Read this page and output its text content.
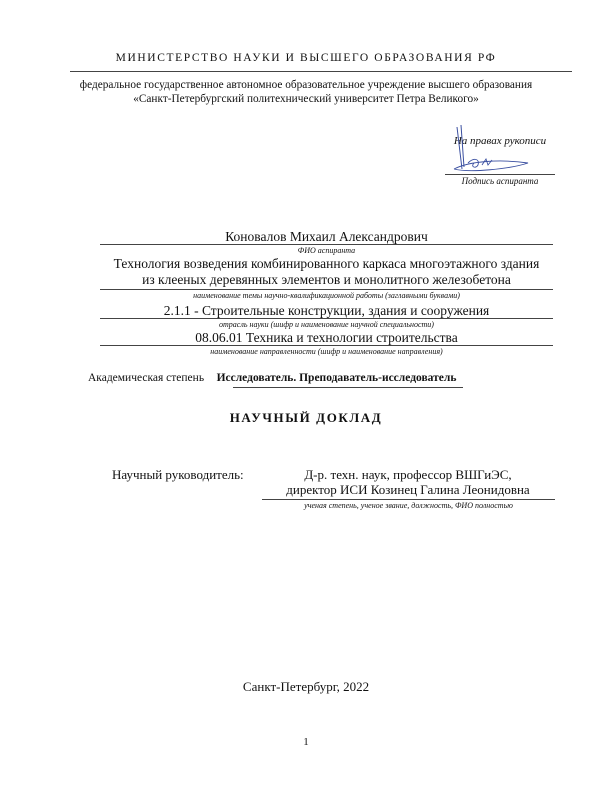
МИНИСТЕРСТВО НАУКИ И ВЫСШЕГО ОБРАЗОВАНИЯ РФ
федеральное государственное автономное образовательное учреждение высшего образования
«Санкт-Петербургский политехнический университет Петра Великого»
На правах рукописи
Подпись аспиранта
Коновалов Михаил Александрович
ФИО аспиранта
Технология возведения комбинированного каркаса многоэтажного здания
из клееных деревянных элементов и монолитного железобетона
наименование темы научно-квалификационной работы (заглавными буквами)
2.1.1 - Строительные конструкции, здания и сооружения
отрасль науки (шифр и наименование научной специальности)
08.06.01 Техника и технологии строительства
наименование направленности (шифр и наименование направления)
Академическая степень	Исследователь. Преподаватель-исследователь
НАУЧНЫЙ ДОКЛАД
Научный руководитель:	Д-р. техн. наук, профессор ВШГиЭС,
директор ИСИ Козинец Галина Леонидовна
ученая степень, ученое звание, должность, ФИО полностью
Санкт-Петербург, 2022
1
